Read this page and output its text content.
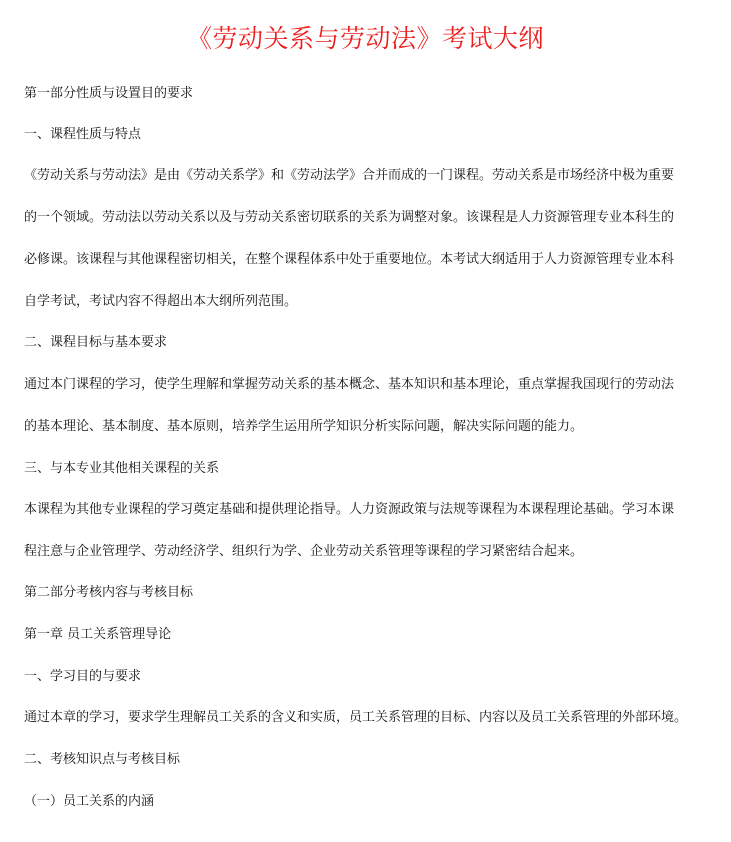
《劳动关系与劳动法》考试大纲

第一部分性质与设置目的要求

一、课程性质与特点

《劳动关系与劳动法》是由《劳动关系学》和《劳动法学》合并而成的一门课程。劳动关系是市场经济中极为重要

的一个领域。劳动法以劳动关系以及与劳动关系密切联系的关系为调整对象。该课程是人力资源管理专业本科生的

必修课。该课程与其他课程密切相关，在整个课程体系中处于重要地位。本考试大纲适用于人力资源管理专业本科

自学考试，考试内容不得超出本大纲所列范围。

二、课程目标与基本要求

通过本门课程的学习，使学生理解和掌握劳动关系的基本概念、基本知识和基本理论，重点掌握我国现行的劳动法

的基本理论、基本制度、基本原则，培养学生运用所学知识分析实际问题，解决实际问题的能力。

三、与本专业其他相关课程的关系

本课程为其他专业课程的学习奠定基础和提供理论指导。人力资源政策与法规等课程为本课程理论基础。学习本课

程注意与企业管理学、劳动经济学、组织行为学、企业劳动关系管理等课程的学习紧密结合起来。

第二部分考核内容与考核目标

第一章 员工关系管理导论

一、学习目的与要求

通过本章的学习，要求学生理解员工关系的含义和实质，员工关系管理的目标、内容以及员工关系管理的外部环境。

二、考核知识点与考核目标

（一）员工关系的内涵
